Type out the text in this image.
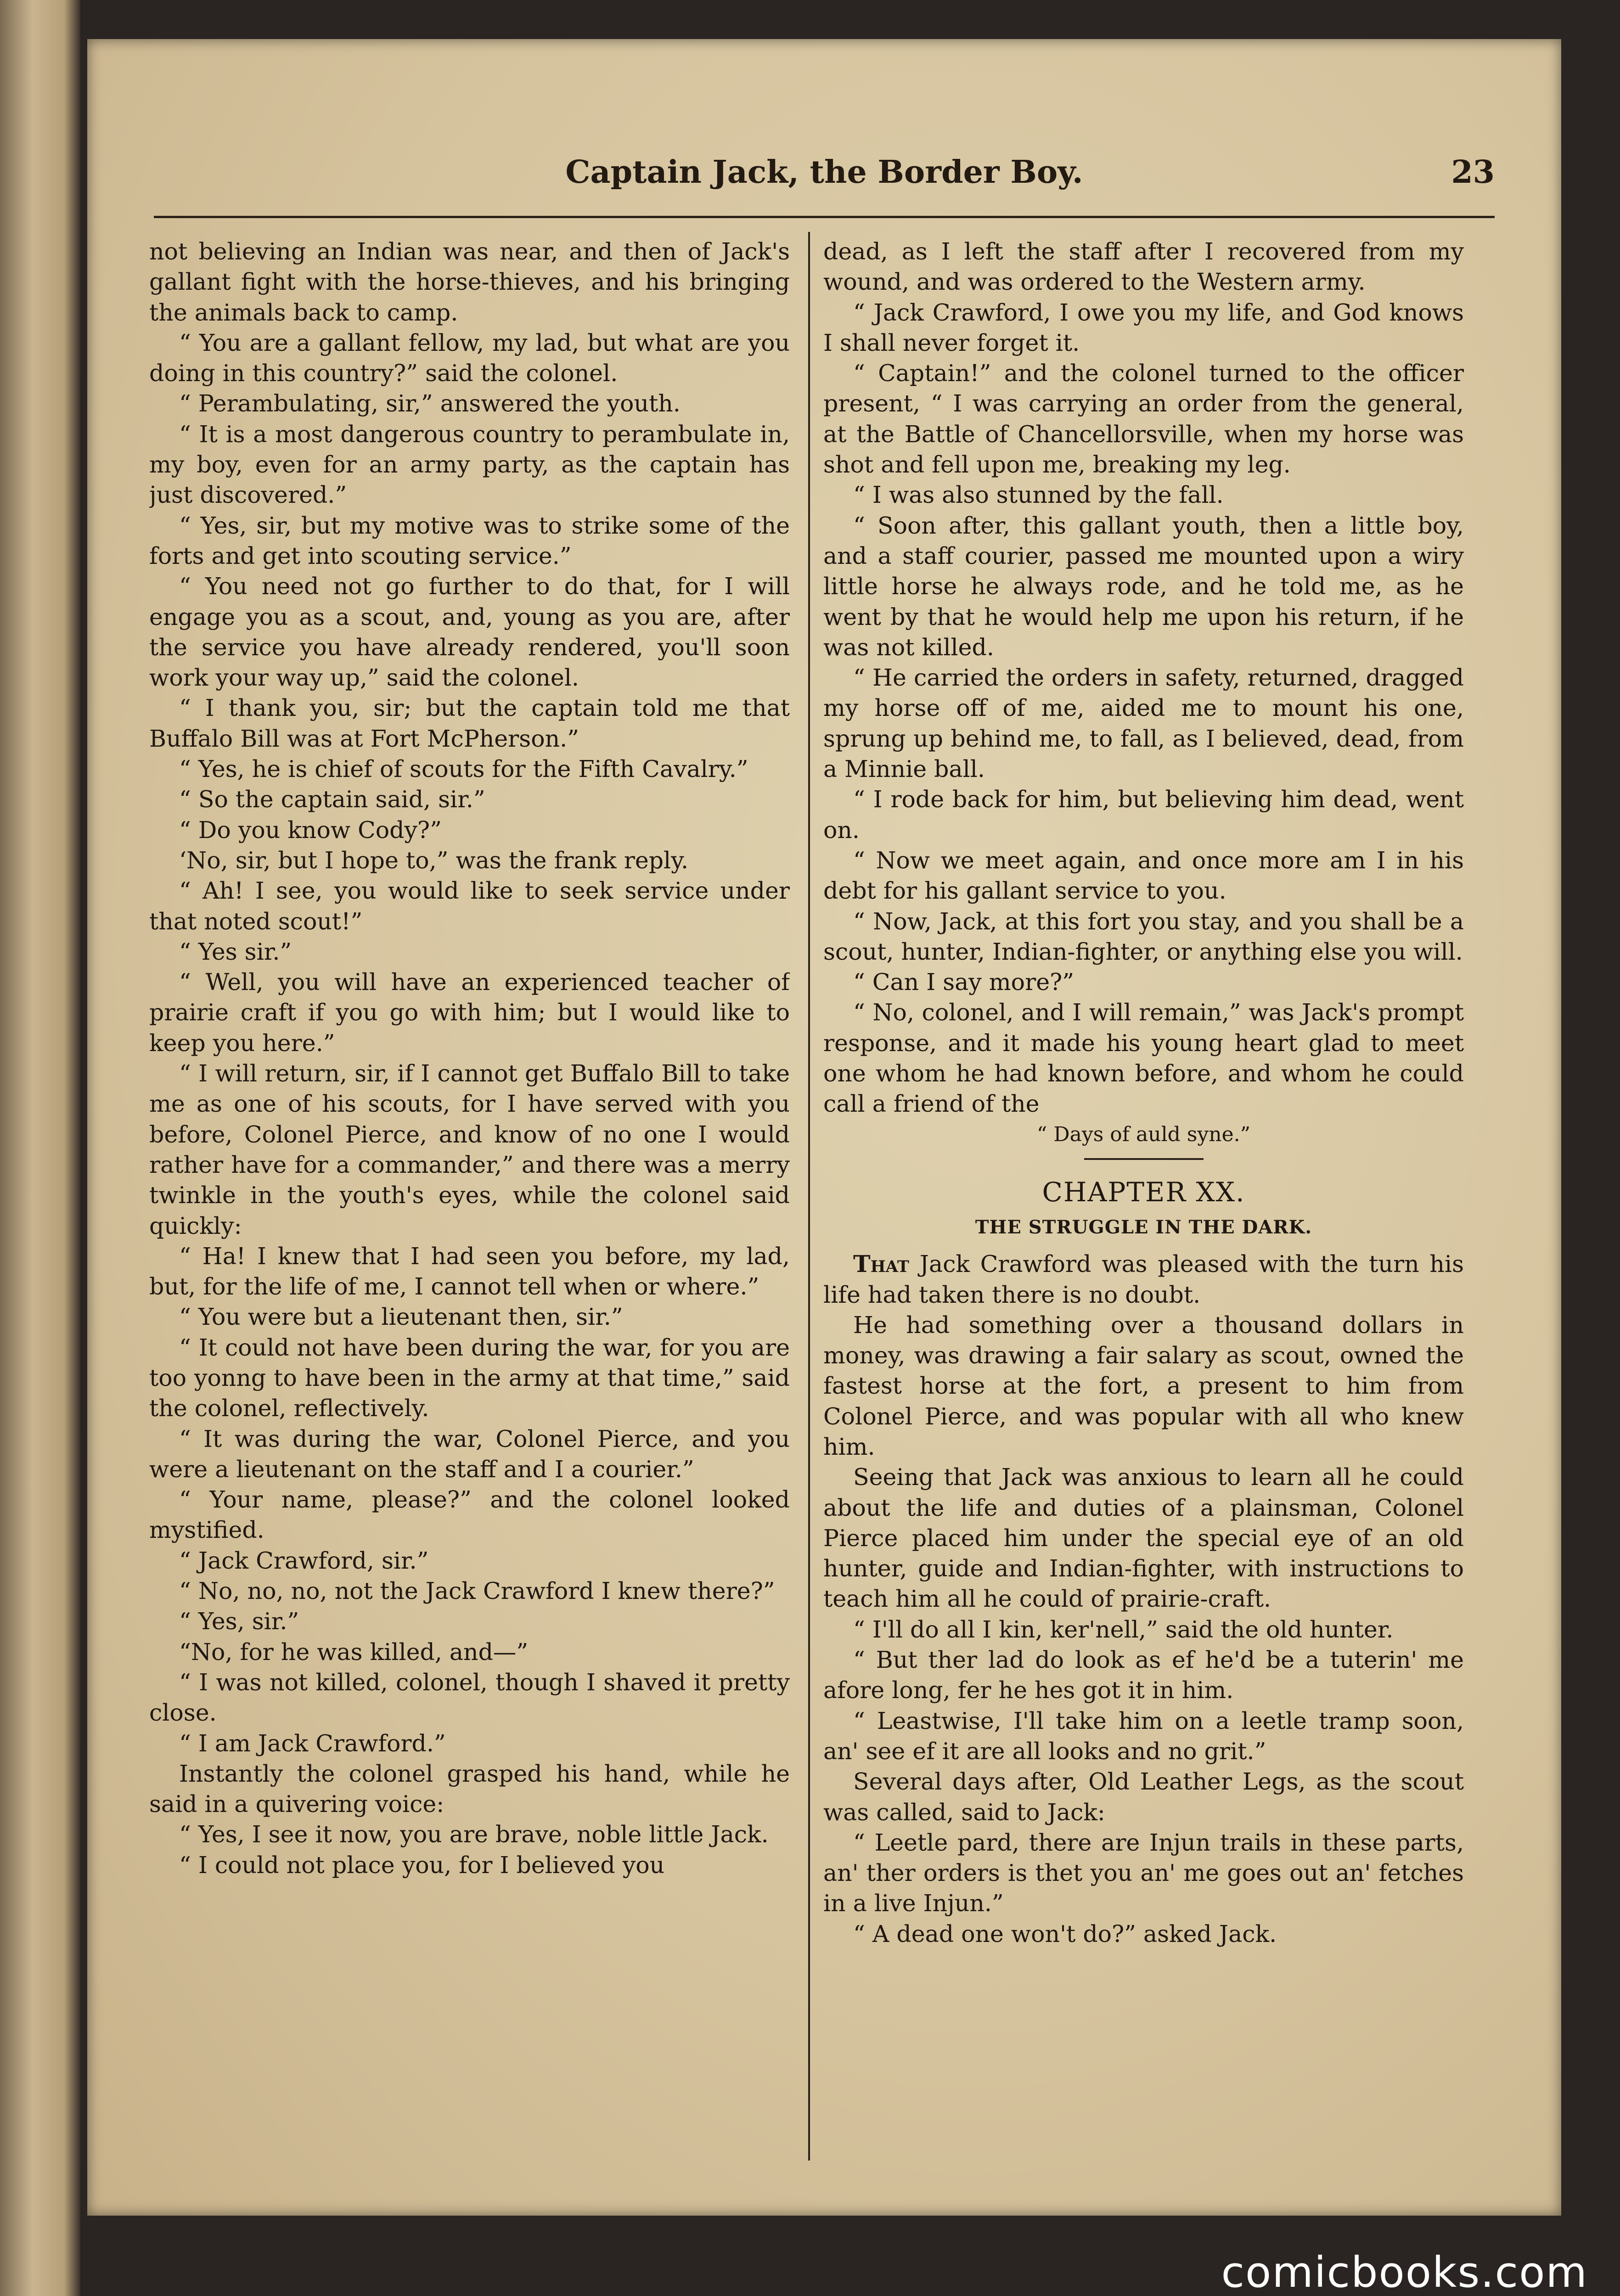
Captain Jack, the Border Boy.	23

not believing an Indian was near, and then of Jack's gallant fight with the horse-thieves, and his bringing the animals back to camp.

“ You are a gallant fellow, my lad, but what are you doing in this country?” said the colonel.

“ Perambulating, sir,” answered the youth.

“ It is a most dangerous country to perambulate in, my boy, even for an army party, as the captain has just discovered.”

“ Yes, sir, but my motive was to strike some of the forts and get into scouting service.”

“ You need not go further to do that, for I will engage you as a scout, and, young as you are, after the service you have already rendered, you'll soon work your way up,” said the colonel.

“ I thank you, sir; but the captain told me that Buffalo Bill was at Fort McPherson.”

“ Yes, he is chief of scouts for the Fifth Cavalry.”

“ So the captain said, sir.”

“ Do you know Cody?”

‘No, sir, but I hope to,” was the frank reply.

“ Ah! I see, you would like to seek service under that noted scout!”

“ Yes sir.”

“ Well, you will have an experienced teacher of prairie craft if you go with him; but I would like to keep you here.”

“ I will return, sir, if I cannot get Buffalo Bill to take me as one of his scouts, for I have served with you before, Colonel Pierce, and know of no one I would rather have for a commander,” and there was a merry twinkle in the youth's eyes, while the colonel said quickly:

“ Ha! I knew that I had seen you before, my lad, but, for the life of me, I cannot tell when or where.”

“ You were but a lieutenant then, sir.”

“ It could not have been during the war, for you are too yonng to have been in the army at that time,” said the colonel, reflectively.

“ It was during the war, Colonel Pierce, and you were a lieutenant on the staff and I a courier.”

“ Your name, please?” and the colonel looked mystified.

“ Jack Crawford, sir.”

“ No, no, no, not the Jack Crawford I knew there?”

“ Yes, sir.”

“No, for he was killed, and—”

“ I was not killed, colonel, though I shaved it pretty close.

“ I am Jack Crawford.”

Instantly the colonel grasped his hand, while he said in a quivering voice:

“ Yes, I see it now, you are brave, noble little Jack.

“ I could not place you, for I believed you

dead, as I left the staff after I recovered from my wound, and was ordered to the Western army.

“ Jack Crawford, I owe you my life, and God knows I shall never forget it.

“ Captain!” and the colonel turned to the officer present, “ I was carrying an order from the general, at the Battle of Chancellorsville, when my horse was shot and fell upon me, breaking my leg.

“ I was also stunned by the fall.

“ Soon after, this gallant youth, then a little boy, and a staff courier, passed me mounted upon a wiry little horse he always rode, and he told me, as he went by that he would help me upon his return, if he was not killed.

“ He carried the orders in safety, returned, dragged my horse off of me, aided me to mount his one, sprung up behind me, to fall, as I believed, dead, from a Minnie ball.

“ I rode back for him, but believing him dead, went on.

“ Now we meet again, and once more am I in his debt for his gallant service to you.

“ Now, Jack, at this fort you stay, and you shall be a scout, hunter, Indian-fighter, or anything else you will.

“ Can I say more?”

“ No, colonel, and I will remain,” was Jack's prompt response, and it made his young heart glad to meet one whom he had known before, and whom he could call a friend of the

“ Days of auld syne.”

CHAPTER XX.

THE STRUGGLE IN THE DARK.

That Jack Crawford was pleased with the turn his life had taken there is no doubt.

He had something over a thousand dollars in money, was drawing a fair salary as scout, owned the fastest horse at the fort, a present to him from Colonel Pierce, and was popular with all who knew him.

Seeing that Jack was anxious to learn all he could about the life and duties of a plainsman, Colonel Pierce placed him under the special eye of an old hunter, guide and Indian-fighter, with instructions to teach him all he could of prairie-craft.

“ I'll do all I kin, ker'nell,” said the old hunter.

“ But ther lad do look as ef he'd be a tuterin' me afore long, fer he hes got it in him.

“ Leastwise, I'll take him on a leetle tramp soon, an' see ef it are all looks and no grit.”

Several days after, Old Leather Legs, as the scout was called, said to Jack:

“ Leetle pard, there are Injun trails in these parts, an' ther orders is thet you an' me goes out an' fetches in a live Injun.”

“ A dead one won't do?” asked Jack.

comicbooks.com
